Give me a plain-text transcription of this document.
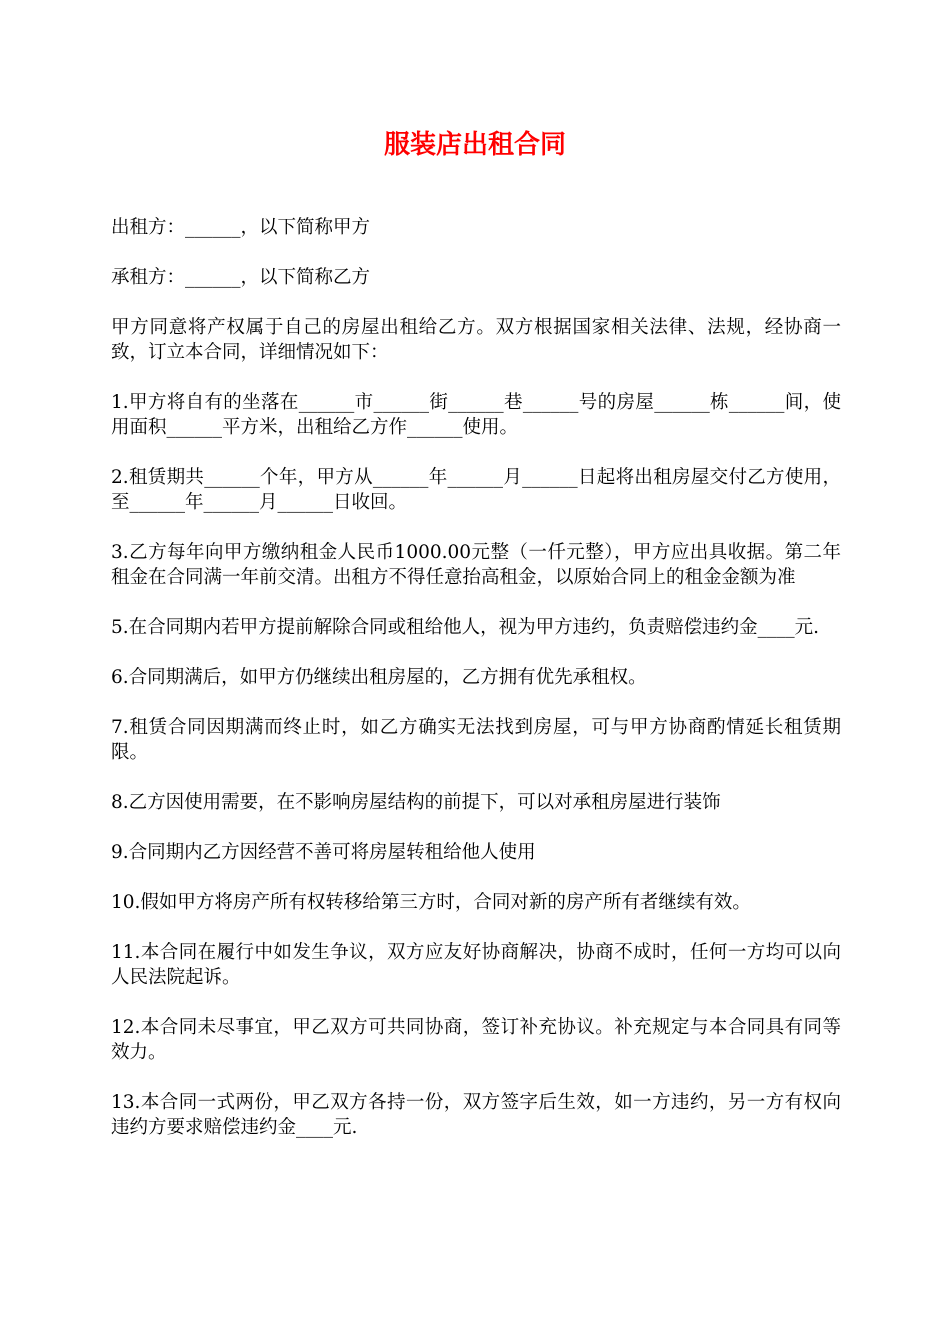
服装店出租合同

出租方：______，以下简称甲方

承租方：______，以下简称乙方

甲方同意将产权属于自己的房屋出租给乙方。双方根据国家相关法律、法规，经协商一致，订立本合同，详细情况如下：

1.甲方将自有的坐落在______市______街______巷______号的房屋______栋______间，使用面积______平方米，出租给乙方作______使用。

2.租赁期共______个年，甲方从______年______月______日起将出租房屋交付乙方使用，至______年______月______日收回。

3.乙方每年向甲方缴纳租金人民币1000.00元整（一仟元整），甲方应出具收据。第二年租金在合同满一年前交清。出租方不得任意抬高租金，以原始合同上的租金金额为准

5.在合同期内若甲方提前解除合同或租给他人，视为甲方违约，负责赔偿违约金____元.

6.合同期满后，如甲方仍继续出租房屋的，乙方拥有优先承租权。

7.租赁合同因期满而终止时，如乙方确实无法找到房屋，可与甲方协商酌情延长租赁期限。

8.乙方因使用需要，在不影响房屋结构的前提下，可以对承租房屋进行装饰

9.合同期内乙方因经营不善可将房屋转租给他人使用

10.假如甲方将房产所有权转移给第三方时，合同对新的房产所有者继续有效。

11.本合同在履行中如发生争议，双方应友好协商解决，协商不成时，任何一方均可以向人民法院起诉。

12.本合同未尽事宜，甲乙双方可共同协商，签订补充协议。补充规定与本合同具有同等效力。

13.本合同一式两份，甲乙双方各持一份，双方签字后生效，如一方违约，另一方有权向违约方要求赔偿违约金____元.
